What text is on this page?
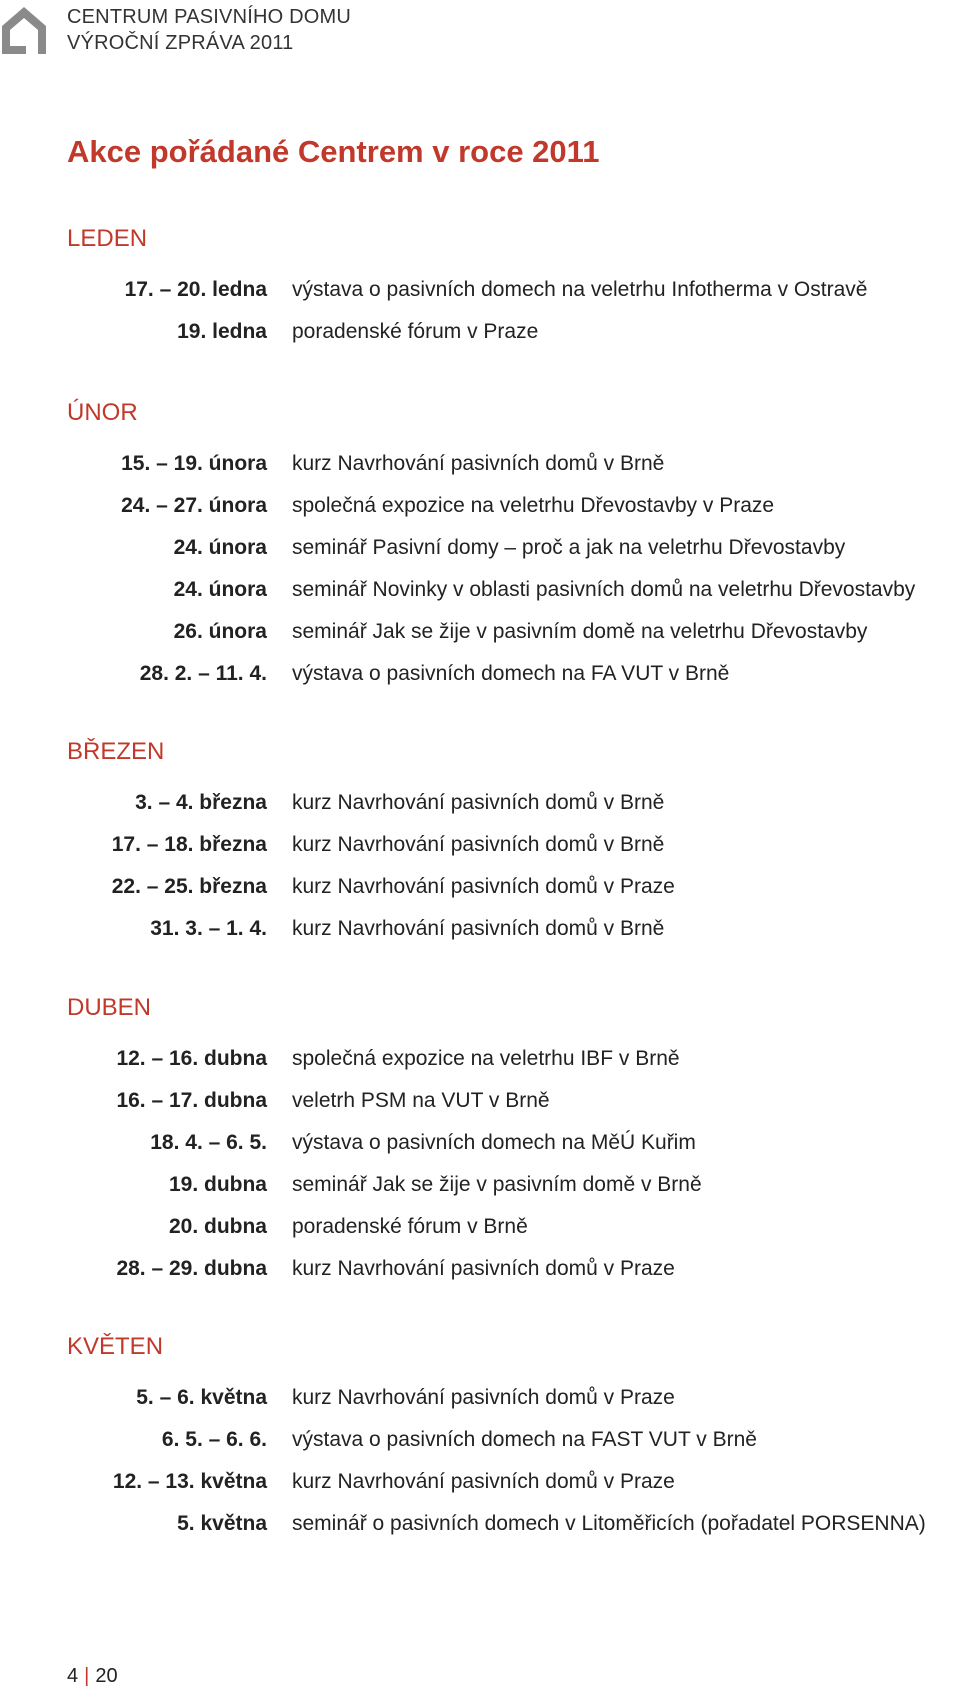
CENTRUM PASIVNÍHO DOMU
VÝROČNÍ ZPRÁVA 2011
Akce pořádané Centrem v roce 2011
LEDEN
17. – 20. ledna výstava o pasivních domech na veletrhu Infotherma v Ostravě
19. ledna poradenské fórum v Praze
ÚNOR
15. – 19. února kurz Navrhování pasivních domů v Brně
24. – 27. února společná expozice na veletrhu Dřevostavby v Praze
24. února seminář Pasivní domy – proč a jak na veletrhu Dřevostavby
24. února seminář Novinky v oblasti pasivních domů na veletrhu Dřevostavby
26. února seminář Jak se žije v pasivním domě na veletrhu Dřevostavby
28. 2. – 11. 4. výstava o pasivních domech na FA VUT v Brně
BŘEZEN
3. – 4. března kurz Navrhování pasivních domů v Brně
17. – 18. března kurz Navrhování pasivních domů v Brně
22. – 25. března kurz Navrhování pasivních domů v Praze
31. 3. – 1. 4. kurz Navrhování pasivních domů v Brně
DUBEN
12. – 16. dubna společná expozice na veletrhu IBF v Brně
16. – 17. dubna veletrh PSM na VUT v Brně
18. 4. – 6. 5. výstava o pasivních domech na MěÚ Kuřim
19. dubna seminář Jak se žije v pasivním domě v Brně
20. dubna poradenské fórum v Brně
28. – 29. dubna kurz Navrhování pasivních domů v Praze
KVĚTEN
5. – 6. května kurz Navrhování pasivních domů v Praze
6. 5. – 6. 6. výstava o pasivních domech na FAST VUT v Brně
12. – 13. května kurz Navrhování pasivních domů v Praze
5. května seminář o pasivních domech v Litoměřicích (pořadatel PORSENNA)
4 | 20
